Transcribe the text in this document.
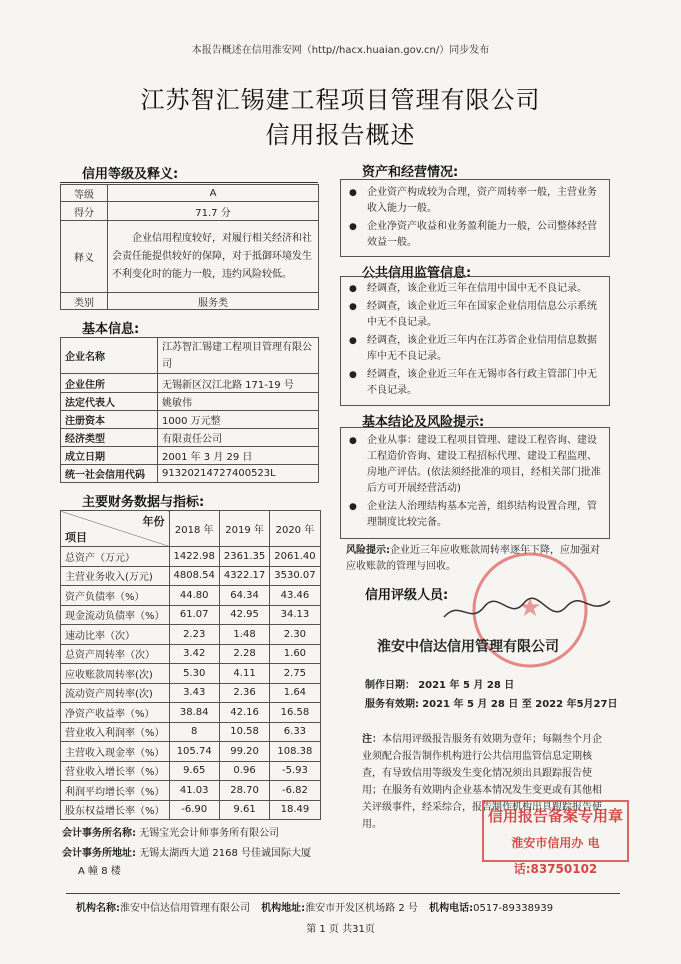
本报告概述在信用淮安网（http//hacx.huaian.gov.cn/）同步发布
江苏智汇锡建工程项目管理有限公司
信用报告概述
信用等级及释义:
等级	A
得分	71.7 分
释义	企业信用程度较好，对履行相关经济和社会责任能提供较好的保障，对于抵御环境发生不利变化时的能力一般，违约风险较低。
类别	服务类
基本信息:
企业名称	江苏智汇锡建工程项目管理有限公司
企业住所	无锡新区汉江北路 171-19 号
法定代表人	姚敏伟
注册资本	1000 万元整
经济类型	有限责任公司
成立日期	2001 年 3 月 29 日
统一社会信用代码	91320214727400523L
主要财务数据与指标:
年份
项目	2018 年	2019 年	2020 年
总资产（万元）	1422.98	2361.35	2061.40
主营业务收入(万元)	4808.54	4322.17	3530.07
资产负债率（%）	44.80	64.34	43.46
现金流动负债率（%）	61.07	42.95	34.13
速动比率（次）	2.23	1.48	2.30
总资产周转率（次）	3.42	2.28	1.60
应收账款周转率(次)	5.30	4.11	2.75
流动资产周转率(次)	3.43	2.36	1.64
净资产收益率（%）	38.84	42.16	16.58
营业收入利润率（%）	8	10.58	6.33
主营收入现金率（%）	105.74	99.20	108.38
营业收入增长率（%）	9.65	0.96	-5.93
利润平均增长率（%）	41.03	28.70	-6.82
股东权益增长率（%）	-6.90	9.61	18.49
会计事务所名称: 无锡宝光会计师事务所有限公司
会计事务所地址: 无锡太湖西大道 2168 号佳诚国际大厦
A 幢 8 楼
资产和经营情况:
● 企业资产构成较为合理，资产周转率一般，主营业务收入能力一般。
● 企业净资产收益和业务盈利能力一般，公司整体经营效益一般。
公共信用监管信息:
● 经调查，该企业近三年在信用中国中无不良记录。
● 经调查，该企业近三年在国家企业信用信息公示系统中无不良记录。
● 经调查，该企业近三年内在江苏省企业信用信息数据库中无不良记录。
● 经调查，该企业近三年在无锡市各行政主管部门中无不良记录。
基本结论及风险提示:
● 企业从事：建设工程项目管理、建设工程咨询、建设工程造价咨询、建设工程招标代理、建设工程监理、房地产评估。(依法须经批准的项目，经相关部门批准后方可开展经营活动)
● 企业法人治理结构基本完善，组织结构设置合理，管理制度比较完备。
风险提示:企业近三年应收账款周转率逐年下降，应加强对应收账款的管理与回收。
★
信用评级人员:
淮安中信达信用管理有限公司
制作日期： 2021 年 5 月 28 日
服务有效期: 2021 年 5 月 28 日 至 2022 年5月27日
注：本信用评级报告服务有效期为壹年；每隔叁个月企业须配合报告制作机构进行公共信用监管信息定期核查，有导致信用等级发生变化情况须出具跟踪报告使用；在服务有效期内企业基本情况发生变更或有其他相关评级事件，经采综合，报告制作机构出具跟踪报告使用。	信用报告备案专用章
淮安市信用办 电话:83750102
机构名称:淮安中信达信用管理有限公司 机构地址:淮安市开发区机场路 2 号 机构电话:0517-89338939
第 1 页 共31页
